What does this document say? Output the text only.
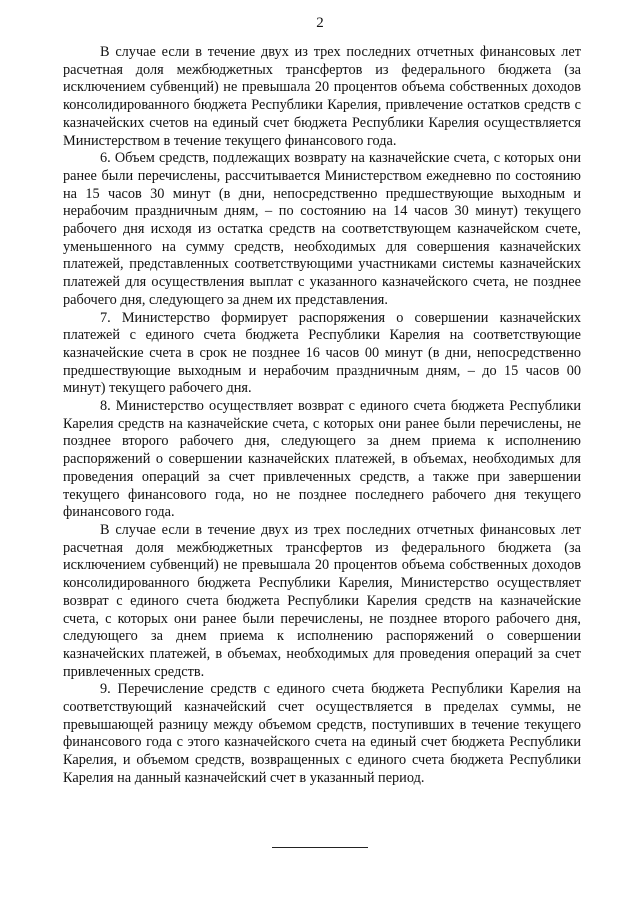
2

В случае если в течение двух из трех последних отчетных финансовых лет расчетная доля межбюджетных трансфертов из федерального бюджета (за исключением субвенций) не превышала 20 процентов объема собственных доходов консолидированного бюджета Республики Карелия, привлечение остатков средств с казначейских счетов на единый счет бюджета Республики Карелия осуществляется Министерством в течение текущего финансового года.

6. Объем средств, подлежащих возврату на казначейские счета, с которых они ранее были перечислены, рассчитывается Министерством ежедневно по состоянию на 15 часов 30 минут (в дни, непосредственно предшествующие выходным и нерабочим праздничным дням, – по состоянию на 14 часов 30 минут) текущего рабочего дня исходя из остатка средств на соответствующем казначейском счете, уменьшенного на сумму средств, необходимых для совершения казначейских платежей, представленных соответствующими участниками системы казначейских платежей для осуществления выплат с указанного казначейского счета, не позднее рабочего дня, следующего за днем их представления.

7. Министерство формирует распоряжения о совершении казначейских платежей с единого счета бюджета Республики Карелия на соответствующие казначейские счета в срок не позднее 16 часов 00 минут (в дни, непосредственно предшествующие выходным и нерабочим праздничным дням, – до 15 часов 00 минут) текущего рабочего дня.

8. Министерство осуществляет возврат с единого счета бюджета Республики Карелия средств на казначейские счета, с которых они ранее были перечислены, не позднее второго рабочего дня, следующего за днем приема к исполнению распоряжений о совершении казначейских платежей, в объемах, необходимых для проведения операций за счет привлеченных средств, а также при завершении текущего финансового года, но не позднее последнего рабочего дня текущего финансового года.

В случае если в течение двух из трех последних отчетных финансовых лет расчетная доля межбюджетных трансфертов из федерального бюджета (за исключением субвенций) не превышала 20 процентов объема собственных доходов консолидированного бюджета Республики Карелия, Министерство осуществляет возврат с единого счета бюджета Республики Карелия средств на казначейские счета, с которых они ранее были перечислены, не позднее второго рабочего дня, следующего за днем приема к исполнению распоряжений о совершении казначейских платежей, в объемах, необходимых для проведения операций за счет привлеченных средств.

9. Перечисление средств с единого счета бюджета Республики Карелия на соответствующий казначейский счет осуществляется в пределах суммы, не превышающей разницу между объемом средств, поступивших в течение текущего финансового года с этого казначейского счета на единый счет бюджета Республики Карелия, и объемом средств, возвращенных с единого счета бюджета Республики Карелия на данный казначейский счет в указанный период.
